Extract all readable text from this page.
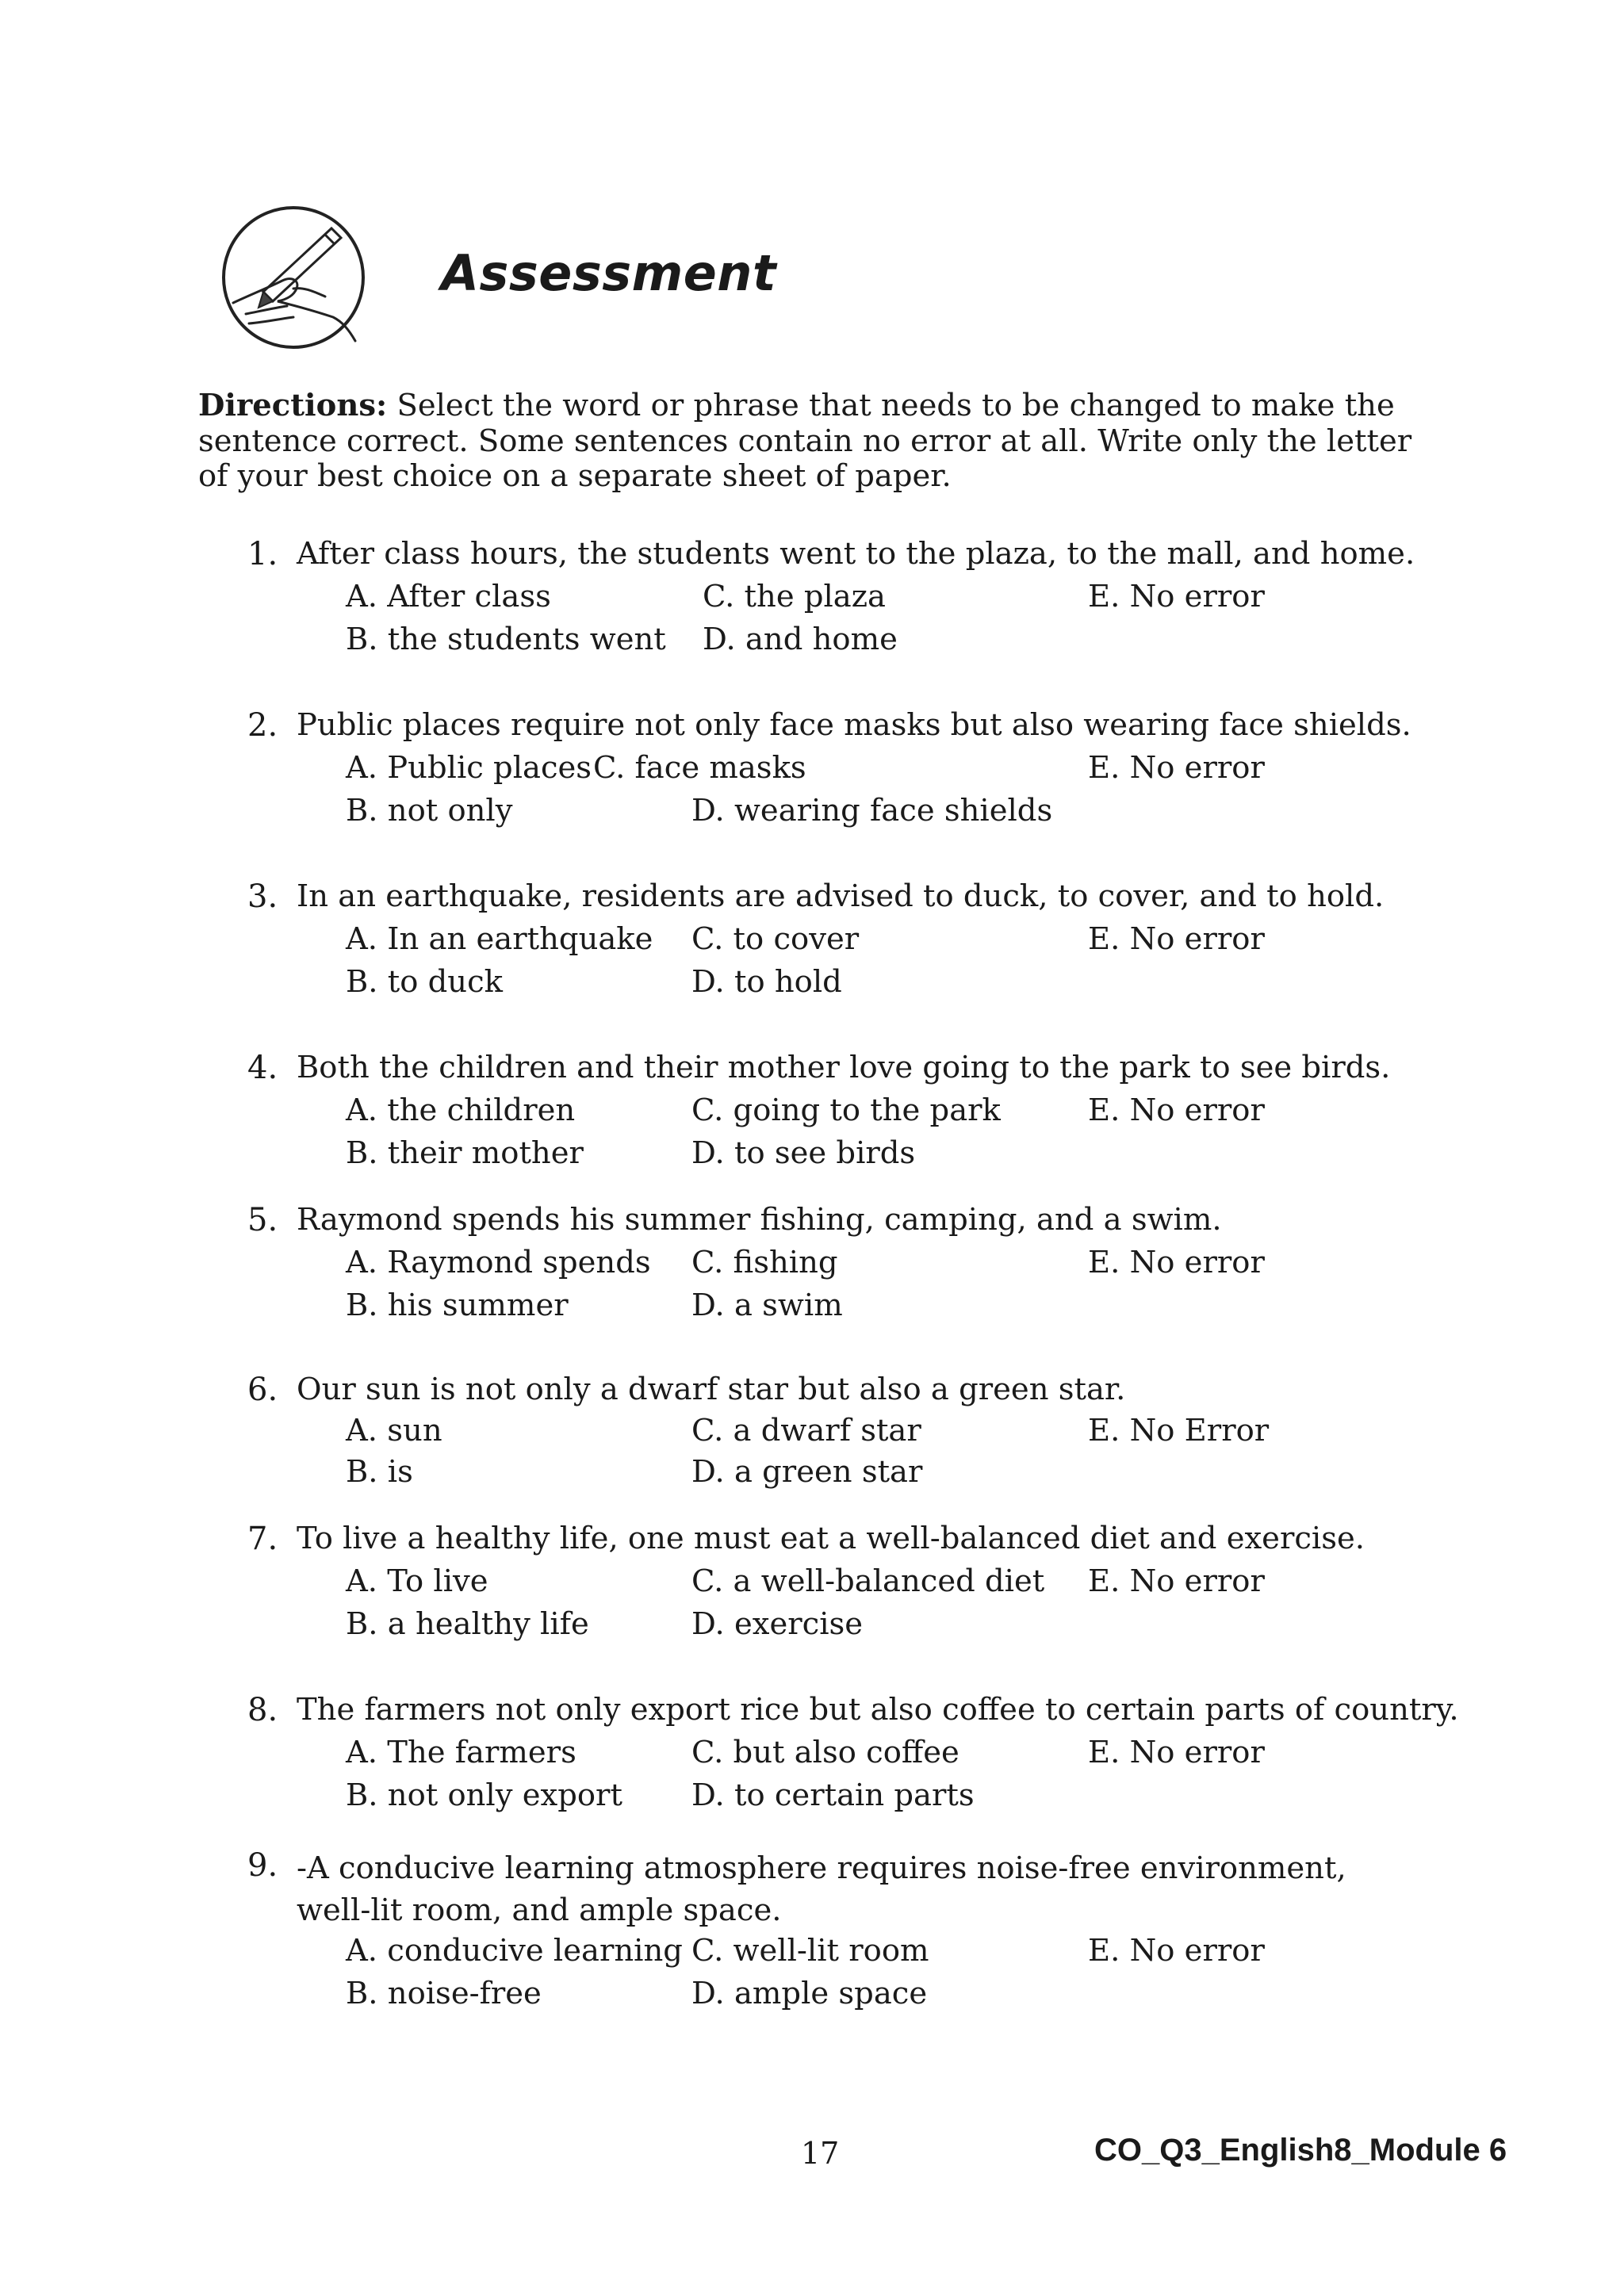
Assessment

Directions: Select the word or phrase that needs to be changed to make the sentence correct. Some sentences contain no error at all. Write only the letter of your best choice on a separate sheet of paper.

1. After class hours, the students went to the plaza, to the mall, and home.
A. After class
B. the students went
C. the plaza
D. and home
E. No error
2. Public places require not only face masks but also wearing face shields.
A. Public places
B. not only
C. face masks
D. wearing face shields
E. No error
3. In an earthquake, residents are advised to duck, to cover, and to hold.
A. In an earthquake
B. to duck
C. to cover
D. to hold
E. No error
4. Both the children and their mother love going to the park to see birds.
A. the children
B. their mother
C. going to the park
D. to see birds
E. No error
5. Raymond spends his summer fishing, camping, and a swim.
A. Raymond spends
B. his summer
C. fishing
D. a swim
E. No error
6. Our sun is not only a dwarf star but also a green star.
A. sun
B. is
C. a dwarf star
D. a green star
E. No Error
7. To live a healthy life, one must eat a well-balanced diet and exercise.
A. To live
B. a healthy life
C. a well-balanced diet
D. exercise
E. No error
8. The farmers not only export rice but also coffee to certain parts of country.
A. The farmers
B. not only export
C. but also coffee
D. to certain parts
E. No error
9. -A conducive learning atmosphere requires noise-free environment, well-lit room, and ample space.
A. conducive learning
B. noise-free
C. well-lit room
D. ample space
E. No error

17	CO_Q3_English8_Module 6
